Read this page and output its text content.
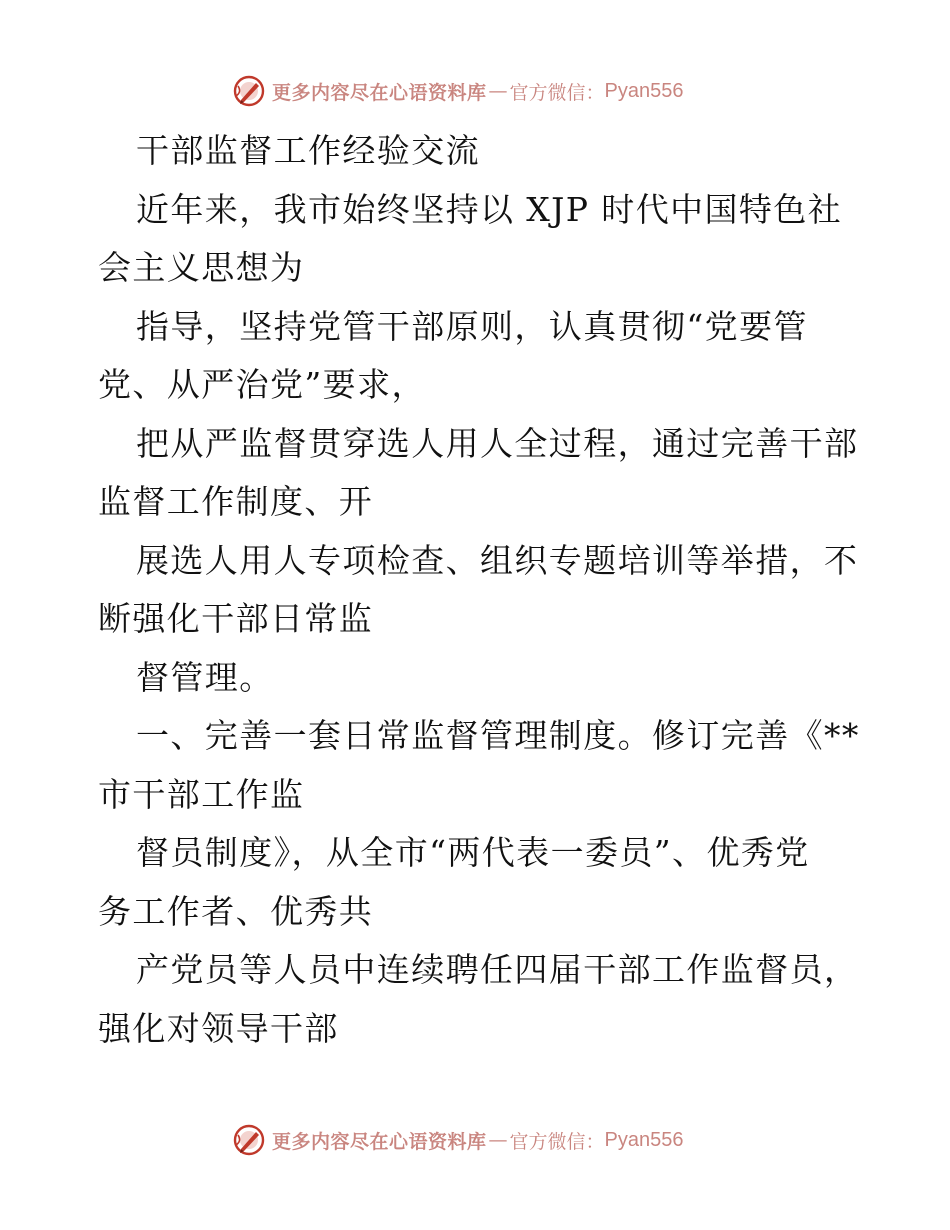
更多内容尽在心语资料库 — 官方微信： Pyan556
干部监督工作经验交流
近年来，我市始终坚持以 XJP 时代中国特色社
会主义思想为
指导，坚持党管干部原则，认真贯彻“党要管
党、从严治党”要求，
把从严监督贯穿选人用人全过程，通过完善干部
监督工作制度、开
展选人用人专项检查、组织专题培训等举措，不
断强化干部日常监
督管理。
一、完善一套日常监督管理制度。修订完善《**
市干部工作监
督员制度》，从全市“两代表一委员”、优秀党
务工作者、优秀共
产党员等人员中连续聘任四届干部工作监督员，
强化对领导干部
更多内容尽在心语资料库 — 官方微信： Pyan556
